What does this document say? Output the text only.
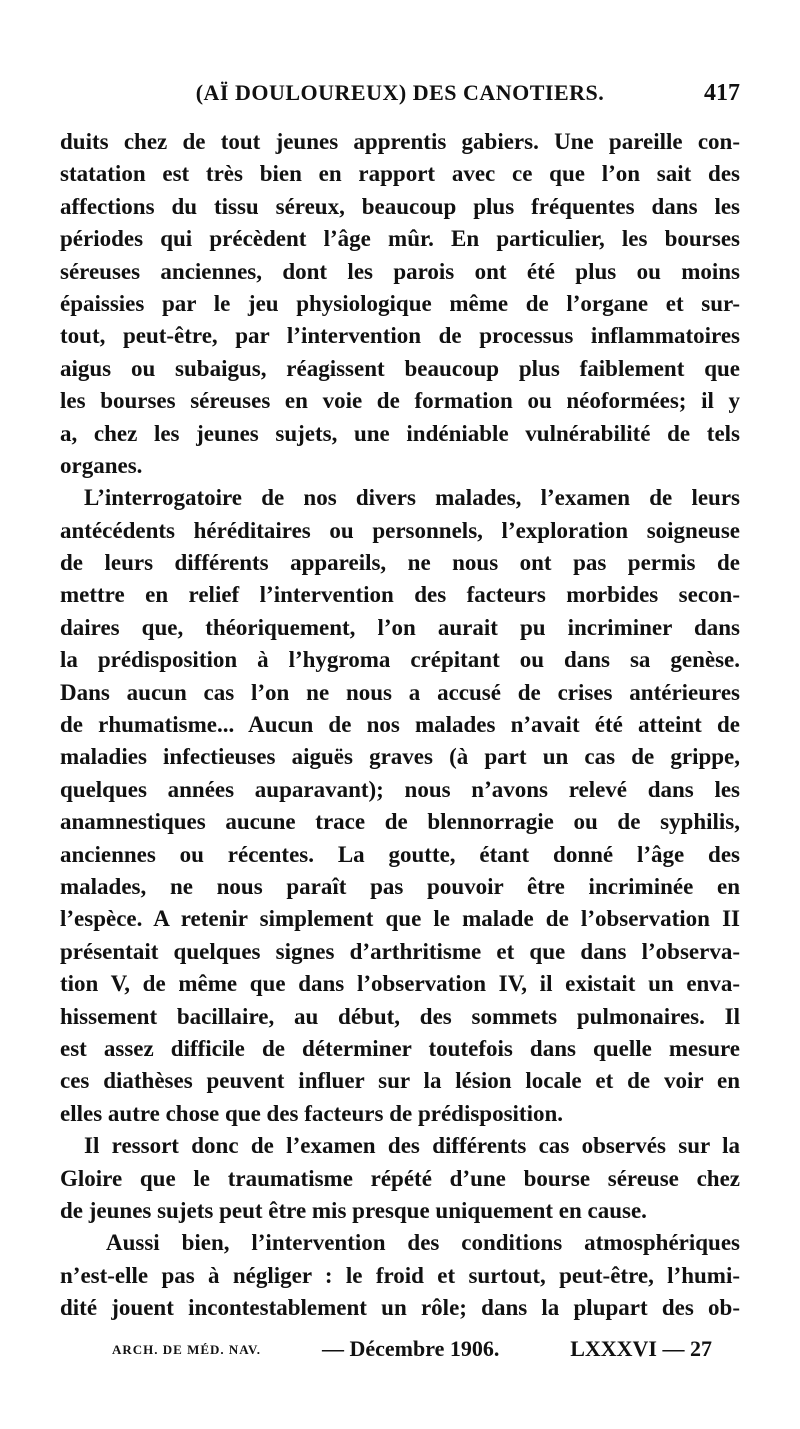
(AÏ DOULOUREUX) DES CANOTIERS.	417
duits chez de tout jeunes apprentis gabiers. Une pareille con-
statation est très bien en rapport avec ce que l’on sait des
affections du tissu séreux, beaucoup plus fréquentes dans les
périodes qui précèdent l’âge mûr. En particulier, les bourses
séreuses anciennes, dont les parois ont été plus ou moins
épaissies par le jeu physiologique même de l’organe et sur-
tout, peut-être, par l’intervention de processus inflammatoires
aigus ou subaigus, réagissent beaucoup plus faiblement que
les bourses séreuses en voie de formation ou néoformées; il y
a, chez les jeunes sujets, une indéniable vulnérabilité de tels
organes.
L’interrogatoire de nos divers malades, l’examen de leurs
antécédents héréditaires ou personnels, l’exploration soigneuse
de leurs différents appareils, ne nous ont pas permis de
mettre en relief l’intervention des facteurs morbides secon-
daires que, théoriquement, l’on aurait pu incriminer dans
la prédisposition à l’hygroma crépitant ou dans sa genèse.
Dans aucun cas l’on ne nous a accusé de crises antérieures
de rhumatisme... Aucun de nos malades n’avait été atteint de
maladies infectieuses aiguës graves (à part un cas de grippe,
quelques années auparavant); nous n’avons relevé dans les
anamnestiques aucune trace de blennorragie ou de syphilis,
anciennes ou récentes. La goutte, étant donné l’âge des
malades, ne nous paraît pas pouvoir être incriminée en
l’espèce. A retenir simplement que le malade de l’observation II
présentait quelques signes d’arthritisme et que dans l’observa-
tion V, de même que dans l’observation IV, il existait un enva-
hissement bacillaire, au début, des sommets pulmonaires. Il
est assez difficile de déterminer toutefois dans quelle mesure
ces diathèses peuvent influer sur la lésion locale et de voir en
elles autre chose que des facteurs de prédisposition.
Il ressort donc de l’examen des différents cas observés sur la
Gloire que le traumatisme répété d’une bourse séreuse chez
de jeunes sujets peut être mis presque uniquement en cause.
Aussi bien, l’intervention des conditions atmosphériques
n’est-elle pas à négliger : le froid et surtout, peut-être, l’humi-
dité jouent incontestablement un rôle; dans la plupart des ob-
ARCH. DE MÉD. NAV.	— Décembre 1906.	LXXXVI — 27
